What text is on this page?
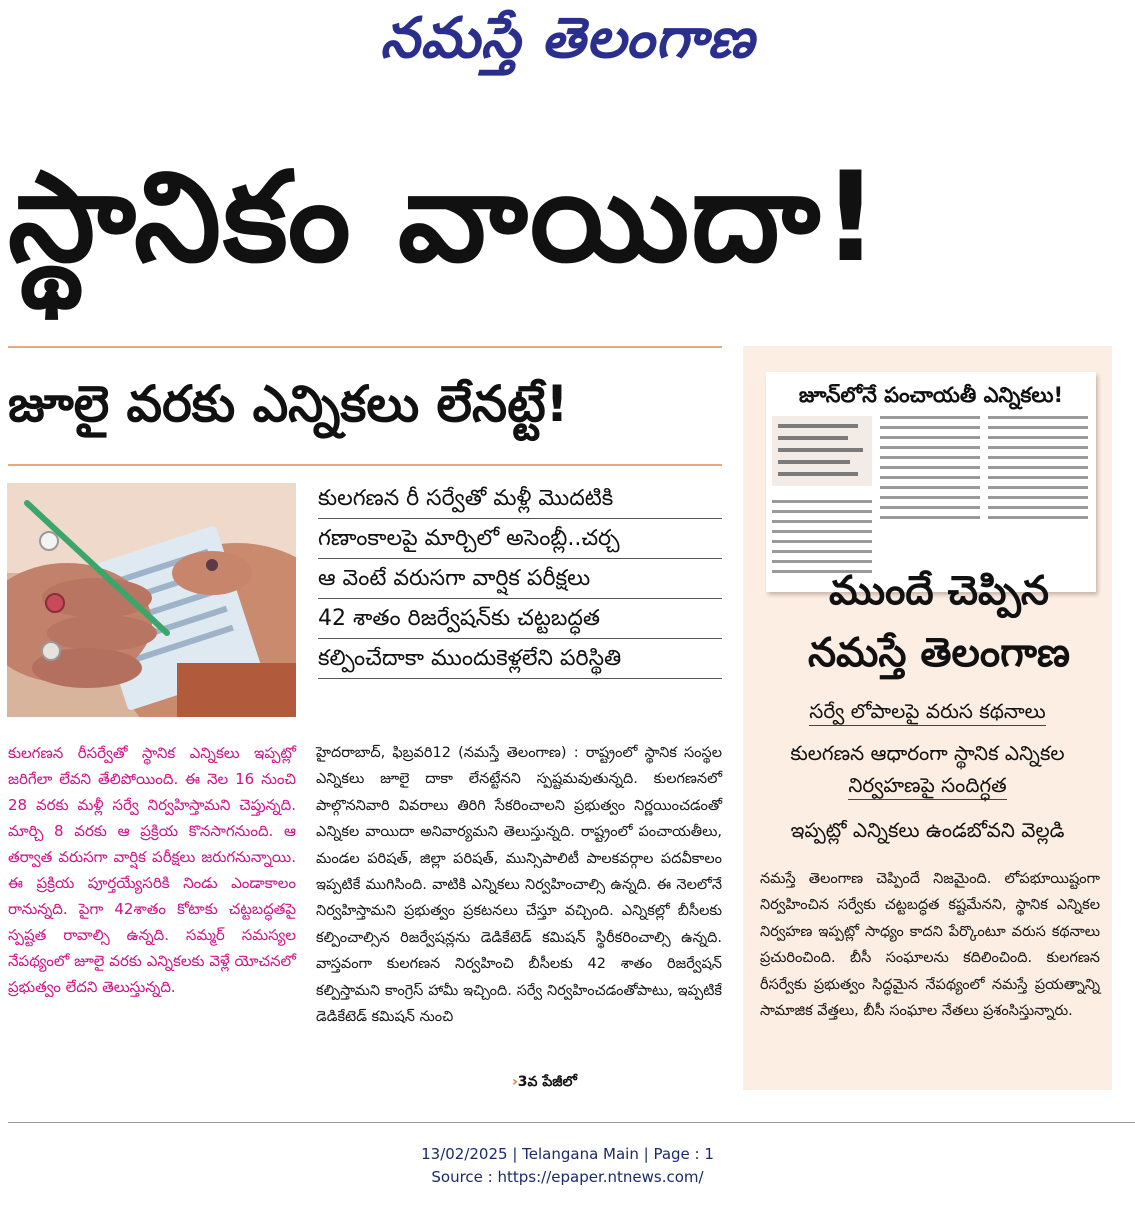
నమస్తే తెలంగాణ
స్థానికం వాయిదా!
జూలై వరకు ఎన్నికలు లేనట్టే!
కులగణన రీ సర్వేతో మళ్లీ మొదటికి
గణాంకాలపై మార్చిలో అసెంబ్లీ..చర్చ
ఆ వెంటే వరుసగా వార్షిక పరీక్షలు
42 శాతం రిజర్వేషన్‌కు చట్టబద్ధత
కల్పించేదాకా ముందుకెళ్లలేని పరిస్థితి
కులగణన రీసర్వేతో స్థానిక ఎన్నికలు ఇప్పట్లో జరిగేలా లేవని తేలిపోయింది. ఈ నెల 16 నుంచి 28 వరకు మళ్లీ సర్వే నిర్వహిస్తామని చెప్తున్నది. మార్చి 8 వరకు ఆ ప్రక్రియ కొనసాగనుంది. ఆ తర్వాత వరుసగా వార్షిక పరీక్షలు జరుగనున్నాయి. ఈ ప్రక్రియ పూర్తయ్యేసరికి నిండు ఎండాకాలం రానున్నది. పైగా 42శాతం కోటాకు చట్టబద్ధతపై స్పష్టత రావాల్సి ఉన్నది. సమ్మర్ సమస్యల నేపథ్యంలో జూలై వరకు ఎన్నికలకు వెళ్లే యోచనలో ప్రభుత్వం లేదని తెలుస్తున్నది.
హైదరాబాద్, ఫిబ్రవరి12 (నమస్తే తెలంగాణ) : రాష్ట్రంలో స్థానిక సంస్థల ఎన్నికలు జూలై దాకా లేనట్టేనని స్పష్టమవుతున్నది. కులగణనలో పాల్గొననివారి వివరాలు తిరిగి సేకరించాలని ప్రభుత్వం నిర్ణయించడంతో ఎన్నికల వాయిదా అనివార్యమని తెలుస్తున్నది. రాష్ట్రంలో పంచాయతీలు, మండల పరిషత్, జిల్లా పరిషత్, మున్సిపాలిటీ పాలకవర్గాల పదవీకాలం ఇప్పటికే ముగిసింది. వాటికి ఎన్నికలు నిర్వహించాల్సి ఉన్నది. ఈ నెలలోనే నిర్వహిస్తామని ప్రభుత్వం ప్రకటనలు చేస్తూ వచ్చింది. ఎన్నికల్లో బీసీలకు కల్పించాల్సిన రిజర్వేషన్లను డెడికేటెడ్ కమిషన్ స్థిరీకరించాల్సి ఉన్నది. వాస్తవంగా కులగణన నిర్వహించి బీసీలకు 42 శాతం రిజర్వేషన్ కల్పిస్తామని కాంగ్రెస్ హామీ ఇచ్చింది. సర్వే నిర్వహించడంతోపాటు, ఇప్పటికే డెడికేటెడ్ కమిషన్ నుంచి
›3వ పేజీలో
జూన్‌లోనే పంచాయతీ ఎన్నికలు!
ముందే చెప్పిన
నమస్తే తెలంగాణ
సర్వే లోపాలపై వరుస కథనాలు
కులగణన ఆధారంగా స్థానిక ఎన్నికల
నిర్వహణపై సందిగ్ధత
ఇప్పట్లో ఎన్నికలు ఉండబోవని వెల్లడి
నమస్తే తెలంగాణ చెప్పిందే నిజమైంది. లోపభూయిష్టంగా నిర్వహించిన సర్వేకు చట్టబద్ధత కష్టమేనని, స్థానిక ఎన్నికల నిర్వహణ ఇప్పట్లో సాధ్యం కాదని పేర్కొంటూ వరుస కథనాలు ప్రచురించింది. బీసీ సంఘాలను కదిలించింది. కులగణన రీసర్వేకు ప్రభుత్వం సిద్ధమైన నేపథ్యంలో నమస్తే ప్రయత్నాన్ని సామాజిక వేత్తలు, బీసీ సంఘాల నేతలు ప్రశంసిస్తున్నారు.
13/02/2025 | Telangana Main | Page : 1
Source : https://epaper.ntnews.com/
